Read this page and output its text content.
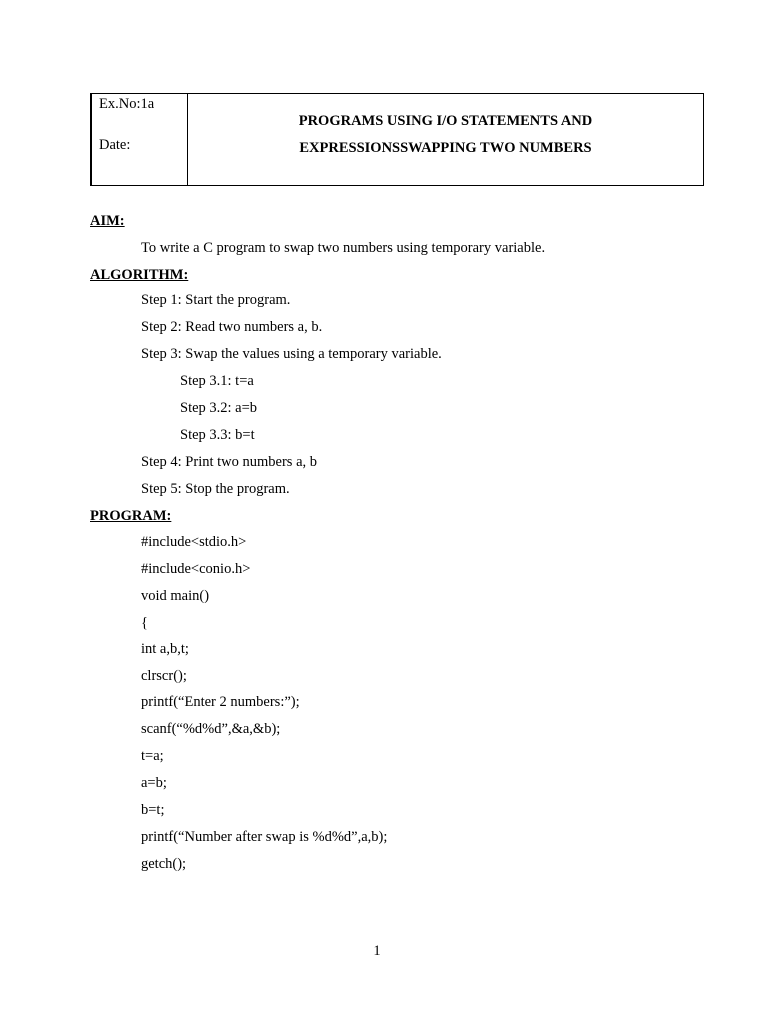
Ex.No:1a
Date:
PROGRAMS USING I/O STATEMENTS AND
EXPRESSIONSSWAPPING TWO NUMBERS
AIM:
To write a C program to swap two numbers using temporary variable.
ALGORITHM:
Step 1: Start the program.
Step 2: Read two numbers a, b.
Step 3: Swap the values using a temporary variable.
Step 3.1: t=a
Step 3.2: a=b
Step 3.3: b=t
Step 4: Print two numbers a, b
Step 5: Stop the program.
PROGRAM:
#include<stdio.h>
#include<conio.h>
void main()
{
int a,b,t;
clrscr();
printf(“Enter 2 numbers:”);
scanf(“%d%d”,&a,&b);
t=a;
a=b;
b=t;
printf(“Number after swap is %d%d”,a,b);
getch();
1
